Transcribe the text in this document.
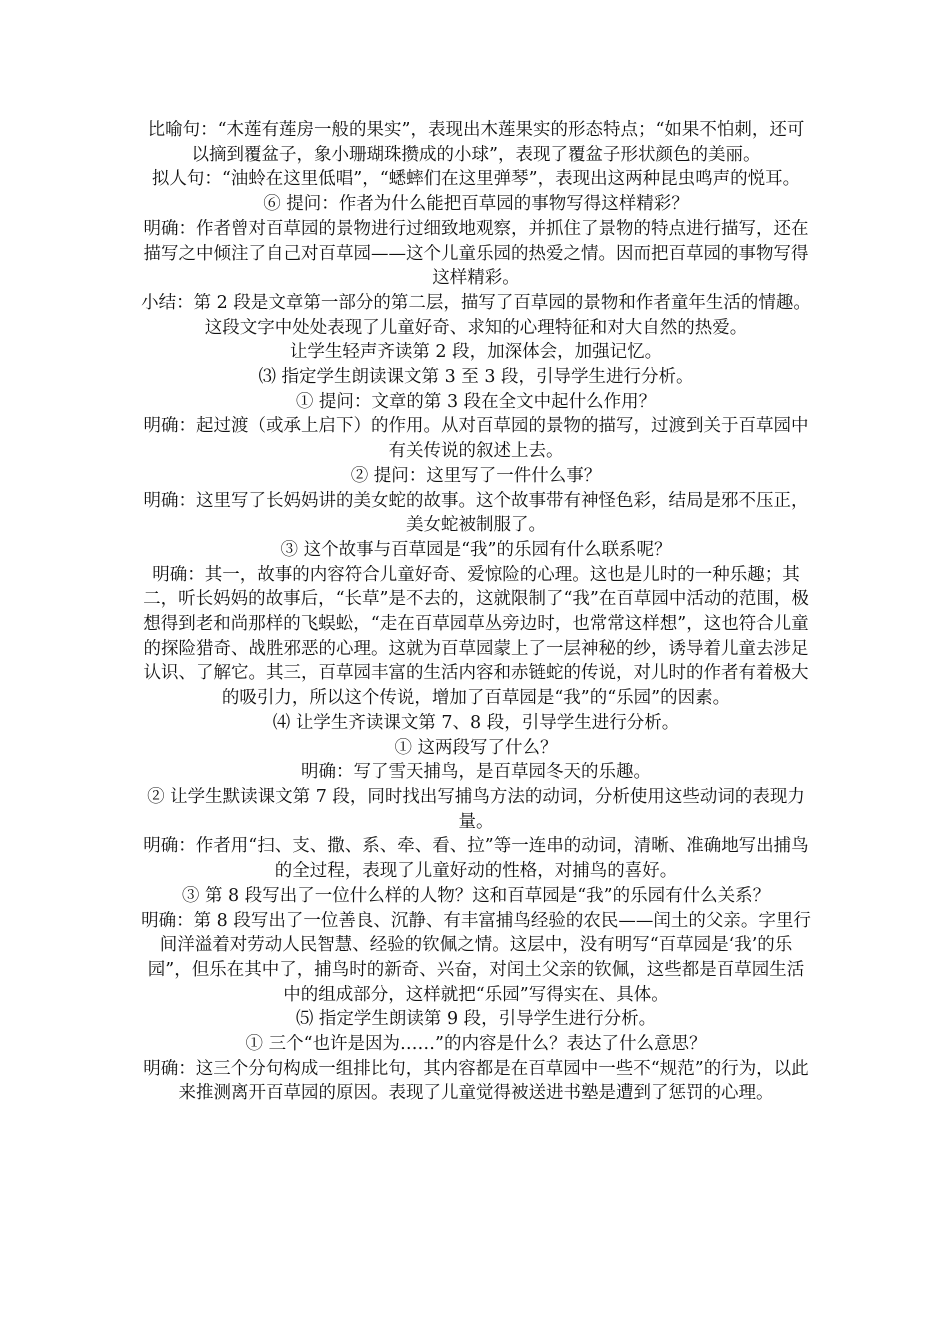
比喻句：“木莲有莲房一般的果实”，表现出木莲果实的形态特点；“如果不怕刺，还可以摘到覆盆子，象小珊瑚珠攒成的小球”，表现了覆盆子形状颜色的美丽。

拟人句：“油蛉在这里低唱”，“蟋蟀们在这里弹琴”，表现出这两种昆虫鸣声的悦耳。

⑥ 提问：作者为什么能把百草园的事物写得这样精彩？

明确：作者曾对百草园的景物进行过细致地观察，并抓住了景物的特点进行描写，还在描写之中倾注了自己对百草园——这个儿童乐园的热爱之情。因而把百草园的事物写得这样精彩。

小结：第 2 段是文章第一部分的第二层，描写了百草园的景物和作者童年生活的情趣。这段文字中处处表现了儿童好奇、求知的心理特征和对大自然的热爱。

让学生轻声齐读第 2 段，加深体会，加强记忆。

⑶ 指定学生朗读课文第 3 至 3 段，引导学生进行分析。

① 提问：文章的第 3 段在全文中起什么作用？

明确：起过渡（或承上启下）的作用。从对百草园的景物的描写，过渡到关于百草园中有关传说的叙述上去。

② 提问：这里写了一件什么事？

明确：这里写了长妈妈讲的美女蛇的故事。这个故事带有神怪色彩，结局是邪不压正，美女蛇被制服了。

③ 这个故事与百草园是“我”的乐园有什么联系呢？

明确：其一，故事的内容符合儿童好奇、爱惊险的心理。这也是儿时的一种乐趣；其二，听长妈妈的故事后，“长草”是不去的，这就限制了“我”在百草园中活动的范围，极想得到老和尚那样的飞蜈蚣，“走在百草园草丛旁边时，也常常这样想”，这也符合儿童的探险猎奇、战胜邪恶的心理。这就为百草园蒙上了一层神秘的纱，诱导着儿童去涉足认识、了解它。其三，百草园丰富的生活内容和赤链蛇的传说，对儿时的作者有着极大的吸引力，所以这个传说，增加了百草园是“我”的“乐园”的因素。

⑷ 让学生齐读课文第 7、8 段，引导学生进行分析。

① 这两段写了什么？

明确：写了雪天捕鸟，是百草园冬天的乐趣。

② 让学生默读课文第 7 段，同时找出写捕鸟方法的动词，分析使用这些动词的表现力量。

明确：作者用“扫、支、撒、系、牵、看、拉”等一连串的动词，清晰、准确地写出捕鸟的全过程，表现了儿童好动的性格，对捕鸟的喜好。

③ 第 8 段写出了一位什么样的人物？这和百草园是“我”的乐园有什么关系？

明确：第 8 段写出了一位善良、沉静、有丰富捕鸟经验的农民——闰土的父亲。字里行间洋溢着对劳动人民智慧、经验的钦佩之情。这层中，没有明写“百草园是‘我’的乐园”，但乐在其中了，捕鸟时的新奇、兴奋，对闰土父亲的钦佩，这些都是百草园生活中的组成部分，这样就把“乐园”写得实在、具体。

⑸ 指定学生朗读第 9 段，引导学生进行分析。

① 三个“也许是因为……”的内容是什么？表达了什么意思？

明确：这三个分句构成一组排比句，其内容都是在百草园中一些不“规范”的行为，以此来推测离开百草园的原因。表现了儿童觉得被送进书塾是遭到了惩罚的心理。
